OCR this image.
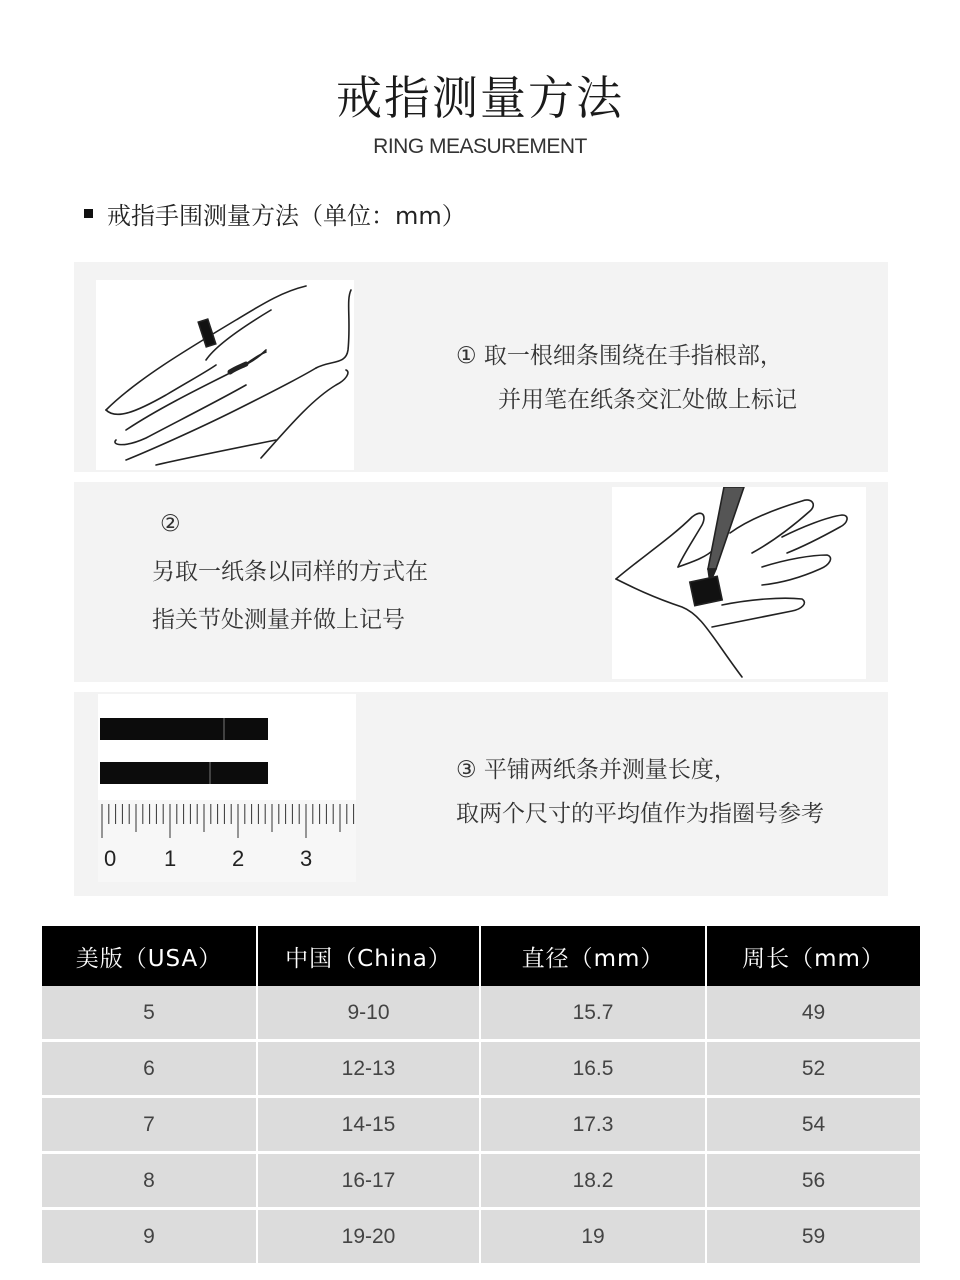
戒指测量方法
RING MEASUREMENT
戒指手围测量方法（单位：mm）
① 取一根细条围绕在手指根部，
并用笔在纸条交汇处做上标记
②
另取一纸条以同样的方式在
指关节处测量并做上记号
0 1	2	3
③ 平铺两纸条并测量长度，
取两个尺寸的平均值作为指圈号参考
美版（USA）	中国（China）	直径（mm）	周长（mm）
5	9-10	15.7	49
6	12-13	16.5	52
7	14-15	17.3	54
8	16-17	18.2	56
9	19-20	19	59
